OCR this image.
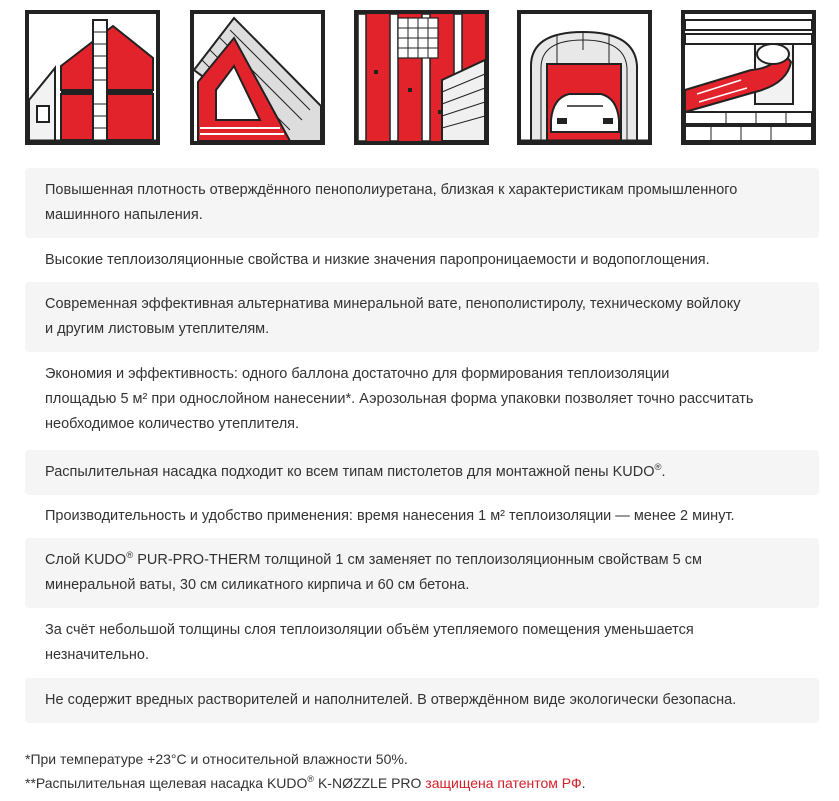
Повышенная плотность отверждённого пенополиуретана, близкая к характеристикам промышленного
машинного напыления.
Высокие теплоизоляционные свойства и низкие значения паропроницаемости и водопоглощения.
Современная эффективная альтернатива минеральной вате, пенополистиролу, техническому войлоку
и другим листовым утеплителям.
Экономия и эффективность: одного баллона достаточно для формирования теплоизоляции
площадью 5 м² при однослойном нанесении*. Аэрозольная форма упаковки позволяет точно рассчитать
необходимое количество утеплителя.
Распылительная насадка подходит ко всем типам пистолетов для монтажной пены KUDO®.
Производительность и удобство применения: время нанесения 1 м² теплоизоляции — менее 2 минут.
Слой KUDO® PUR-PRO-THERM толщиной 1 см заменяет по теплоизоляционным свойствам 5 см
минеральной ваты, 30 см силикатного кирпича и 60 см бетона.
За счёт небольшой толщины слоя теплоизоляции объём утепляемого помещения уменьшается
незначительно.
Не содержит вредных растворителей и наполнителей. В отверждённом виде экологически безопасна.
*При температуре +23°С и относительной влажности 50%.
**Распылительная щелевая насадка KUDO® K-NØZZLE PRO защищена патентом РФ.
